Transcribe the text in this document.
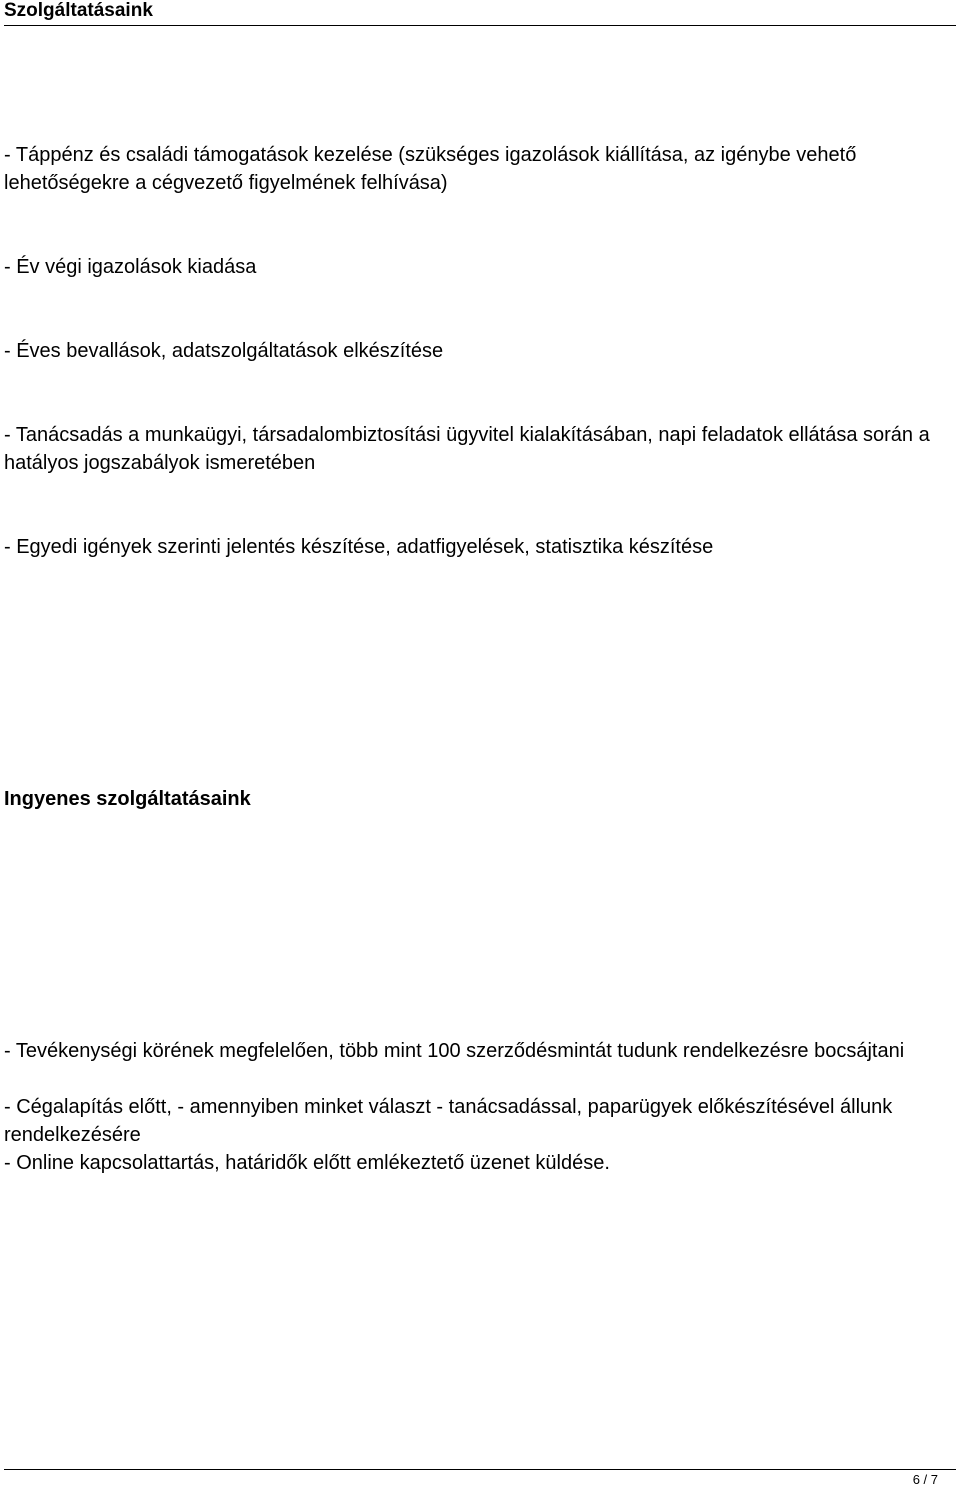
Szolgáltatásaink

- Táppénz és családi támogatások kezelése (szükséges igazolások kiállítása, az igénybe vehető lehetőségekre a cégvezető figyelmének felhívása)

- Év végi igazolások kiadása

- Éves bevallások, adatszolgáltatások elkészítése

- Tanácsadás a munkaügyi, társadalombiztosítási ügyvitel kialakításában, napi feladatok ellátása során a hatályos jogszabályok ismeretében

- Egyedi igények szerinti jelentés készítése, adatfigyelések, statisztika készítése

Ingyenes szolgáltatásaink

- Tevékenységi körének megfelelően, több mint 100 szerződésmintát tudunk rendelkezésre bocsájtani

- Cégalapítás előtt, - amennyiben minket választ - tanácsadással, paparügyek előkészítésével állunk rendelkezésére

- Online kapcsolattartás, határidők előtt emlékeztető üzenet küldése.

6 / 7
